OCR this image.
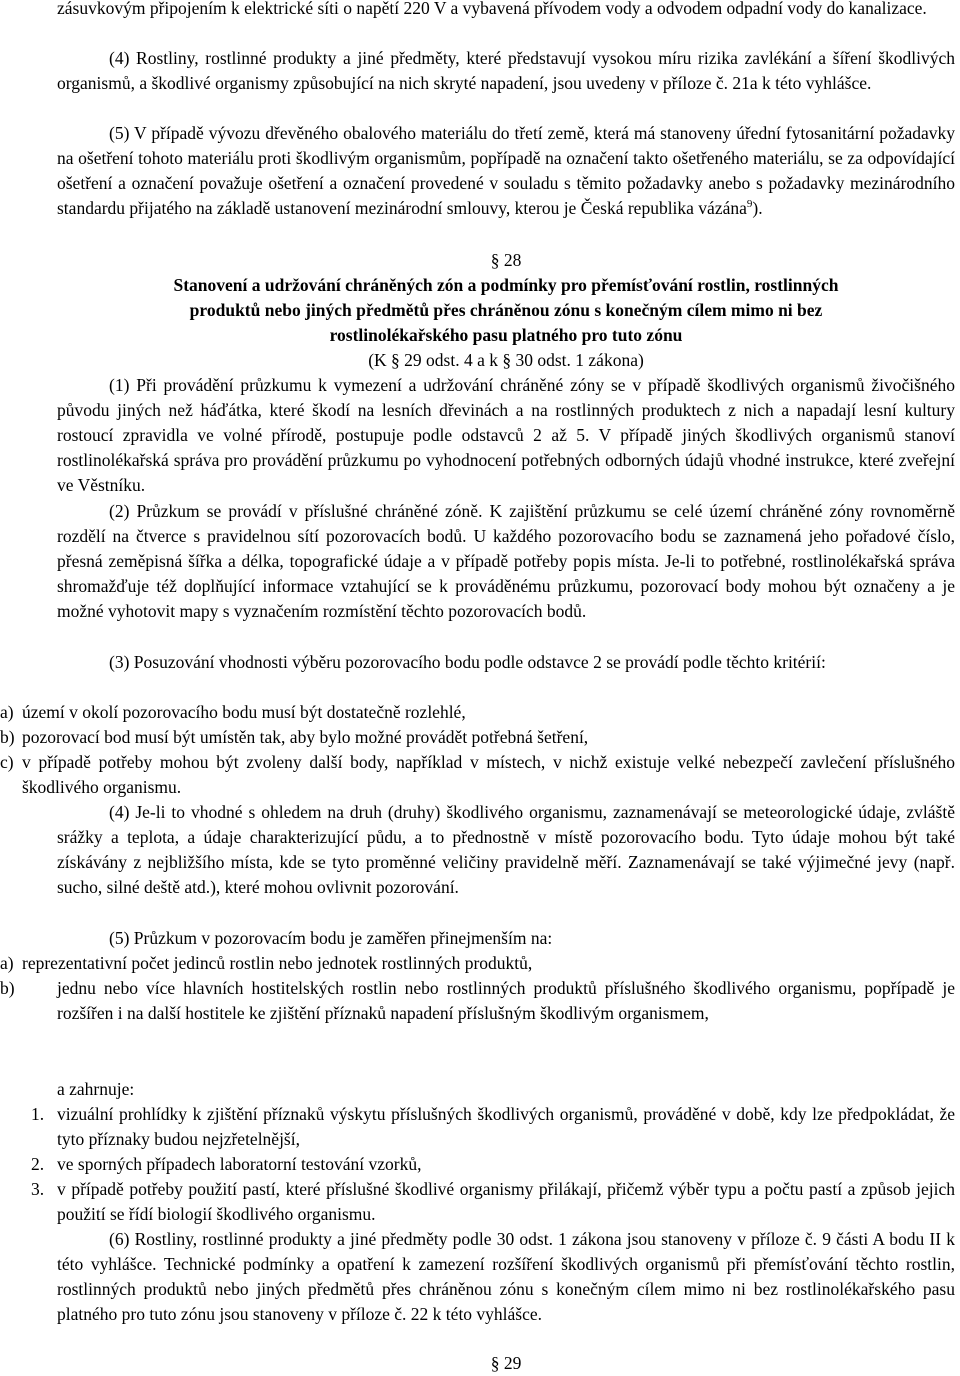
zásuvkovým připojením k elektrické síti o napětí 220 V a vybavená přívodem vody a odvodem odpadní vody do kanalizace.

(4) Rostliny, rostlinné produkty a jiné předměty, které představují vysokou míru rizika zavlékání a šíření škodlivých organismů, a škodlivé organismy způsobující na nich skryté napadení, jsou uvedeny v příloze č. 21a k této vyhlášce.

(5) V případě vývozu dřevěného obalového materiálu do třetí země, která má stanoveny úřední fytosanitární požadavky na ošetření tohoto materiálu proti škodlivým organismům, popřípadě na označení takto ošetřeného materiálu, se za odpovídající ošetření a označení považuje ošetření a označení provedené v souladu s těmito požadavky anebo s požadavky mezinárodního standardu přijatého na základě ustanovení mezinárodní smlouvy, kterou je Česká republika vázána$^9$).

§ 28

Stanovení a udržování chráněných zón a podmínky pro přemísťování rostlin, rostlinných

produktů nebo jiných předmětů přes chráněnou zónu s konečným cílem mimo ni bez

rostlinolékařského pasu platného pro tuto zónu

(K § 29 odst. 4 a k § 30 odst. 1 zákona)

(1) Při provádění průzkumu k vymezení a udržování chráněné zóny se v případě škodlivých organismů živočišného původu jiných než háďátka, které škodí na lesních dřevinách a na rostlinných produktech z nich a napadají lesní kultury rostoucí zpravidla ve volné přírodě, postupuje podle odstavců 2 až 5. V případě jiných škodlivých organismů stanoví rostlinolékařská správa pro provádění průzkumu po vyhodnocení potřebných odborných údajů vhodné instrukce, které zveřejní ve Věstníku.

(2) Průzkum se provádí v příslušné chráněné zóně. K zajištění průzkumu se celé území chráněné zóny rovnoměrně rozdělí na čtverce s pravidelnou sítí pozorovacích bodů. U každého pozorovacího bodu se zaznamená jeho pořadové číslo, přesná zeměpisná šířka a délka, topografické údaje a v případě potřeby popis místa. Je-li to potřebné, rostlinolékařská správa shromažďuje též doplňující informace vztahující se k prováděnému průzkumu, pozorovací body mohou být označeny a je možné vyhotovit mapy s vyznačením rozmístění těchto pozorovacích bodů.

(3) Posuzování vhodnosti výběru pozorovacího bodu podle odstavce 2 se provádí podle těchto kritérií:

a) území v okolí pozorovacího bodu musí být dostatečně rozlehlé,
b) pozorovací bod musí být umístěn tak, aby bylo možné provádět potřebná šetření,
c) v případě potřeby mohou být zvoleny další body, například v místech, v nichž existuje velké nebezpečí zavlečení příslušného škodlivého organismu.

(4) Je-li to vhodné s ohledem na druh (druhy) škodlivého organismu, zaznamenávají se meteorologické údaje, zvláště srážky a teplota, a údaje charakterizující půdu, a to přednostně v místě pozorovacího bodu. Tyto údaje mohou být také získávány z nejbližšího místa, kde se tyto proměnné veličiny pravidelně měří. Zaznamenávají se také výjimečné jevy (např. sucho, silné deště atd.), které mohou ovlivnit pozorování.

(5) Průzkum v pozorovacím bodu je zaměřen přinejmenším na:

a) reprezentativní počet jedinců rostlin nebo jednotek rostlinných produktů,
b) jednu nebo více hlavních hostitelských rostlin nebo rostlinných produktů příslušného škodlivého organismu, popřípadě je rozšířen i na další hostitele ke zjištění příznaků napadení příslušným škodlivým organismem,

a zahrnuje:

1. vizuální prohlídky k zjištění příznaků výskytu příslušných škodlivých organismů, prováděné v době, kdy lze předpokládat, že tyto příznaky budou nejzřetelnější,
2. ve sporných případech laboratorní testování vzorků,
3. v případě potřeby použití pastí, které příslušné škodlivé organismy přilákají, přičemž výběr typu a počtu pastí a způsob jejich použití se řídí biologií škodlivého organismu.

(6) Rostliny, rostlinné produkty a jiné předměty podle 30 odst. 1 zákona jsou stanoveny v příloze č. 9 části A bodu II k této vyhlášce. Technické podmínky a opatření k zamezení rozšíření škodlivých organismů při přemísťování těchto rostlin, rostlinných produktů nebo jiných předmětů přes chráněnou zónu s konečným cílem mimo ni bez rostlinolékařského pasu platného pro tuto zónu jsou stanoveny v příloze č. 22 k této vyhlášce.

§ 29
